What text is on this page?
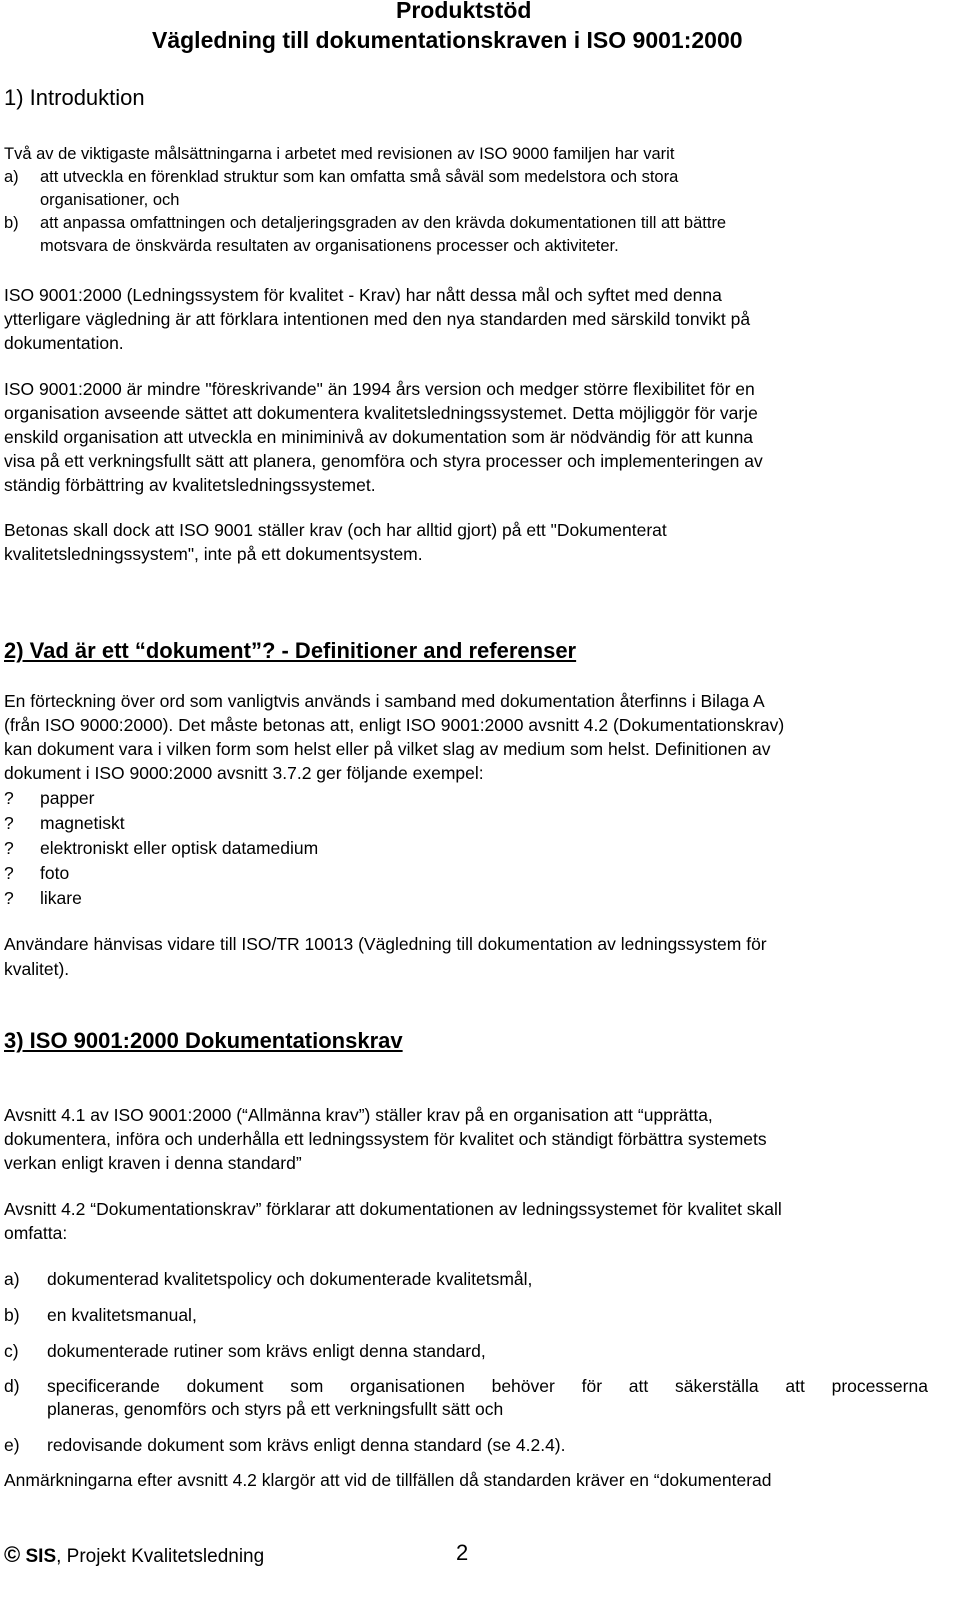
Produktstöd
Vägledning till dokumentationskraven i ISO 9001:2000
1) Introduktion
Två av de viktigaste målsättningarna i arbetet med revisionen av ISO 9000 familjen har varit
a) att utveckla en förenklad struktur som kan omfatta små såväl som medelstora och stora
organisationer, och
b) att anpassa omfattningen och detaljeringsgraden av den krävda dokumentationen till att bättre
motsvara de önskvärda resultaten av organisationens processer och aktiviteter.
ISO 9001:2000 (Ledningssystem för kvalitet - Krav) har nått dessa mål och syftet med denna
ytterligare vägledning är att förklara intentionen med den nya standarden med särskild tonvikt på
dokumentation.
ISO 9001:2000 är mindre "föreskrivande" än 1994 års version och medger större flexibilitet för en
organisation avseende sättet att dokumentera kvalitetsledningssystemet. Detta möjliggör för varje
enskild organisation att utveckla en miniminivå av dokumentation som är nödvändig för att kunna
visa på ett verkningsfullt sätt att planera, genomföra och styra processer och implementeringen av
ständig förbättring av kvalitetsledningssystemet.
Betonas skall dock att ISO 9001 ställer krav (och har alltid gjort) på ett "Dokumenterat
kvalitetsledningssystem", inte på ett dokumentsystem.
2) Vad är ett “dokument”? - Definitioner and referenser
En förteckning över ord som vanligtvis används i samband med dokumentation återfinns i Bilaga A
(från ISO 9000:2000). Det måste betonas att, enligt ISO 9001:2000 avsnitt 4.2 (Dokumentationskrav)
kan dokument vara i vilken form som helst eller på vilket slag av medium som helst. Definitionen av
dokument i ISO 9000:2000 avsnitt 3.7.2 ger följande exempel:
? papper
? magnetiskt
? elektroniskt eller optisk datamedium
? foto
? likare
Användare hänvisas vidare till ISO/TR 10013 (Vägledning till dokumentation av ledningssystem för
kvalitet).
3) ISO 9001:2000 Dokumentationskrav
Avsnitt 4.1 av ISO 9001:2000 (“Allmänna krav”) ställer krav på en organisation att “upprätta,
dokumentera, införa och underhålla ett ledningssystem för kvalitet och ständigt förbättra systemets
verkan enligt kraven i denna standard”
Avsnitt 4.2 “Dokumentationskrav” förklarar att dokumentationen av ledningssystemet för kvalitet skall
omfatta:
a) dokumenterad kvalitetspolicy och dokumenterade kvalitetsmål,
b) en kvalitetsmanual,
c) dokumenterade rutiner som krävs enligt denna standard,
d) specificerande dokument som organisationen behöver för att säkerställa att processerna
planeras, genomförs och styrs på ett verkningsfullt sätt och
e) redovisande dokument som krävs enligt denna standard (se 4.2.4).
Anmärkningarna efter avsnitt 4.2 klargör att vid de tillfällen då standarden kräver en “dokumenterad
© SIS, Projekt Kvalitetsledning	2
